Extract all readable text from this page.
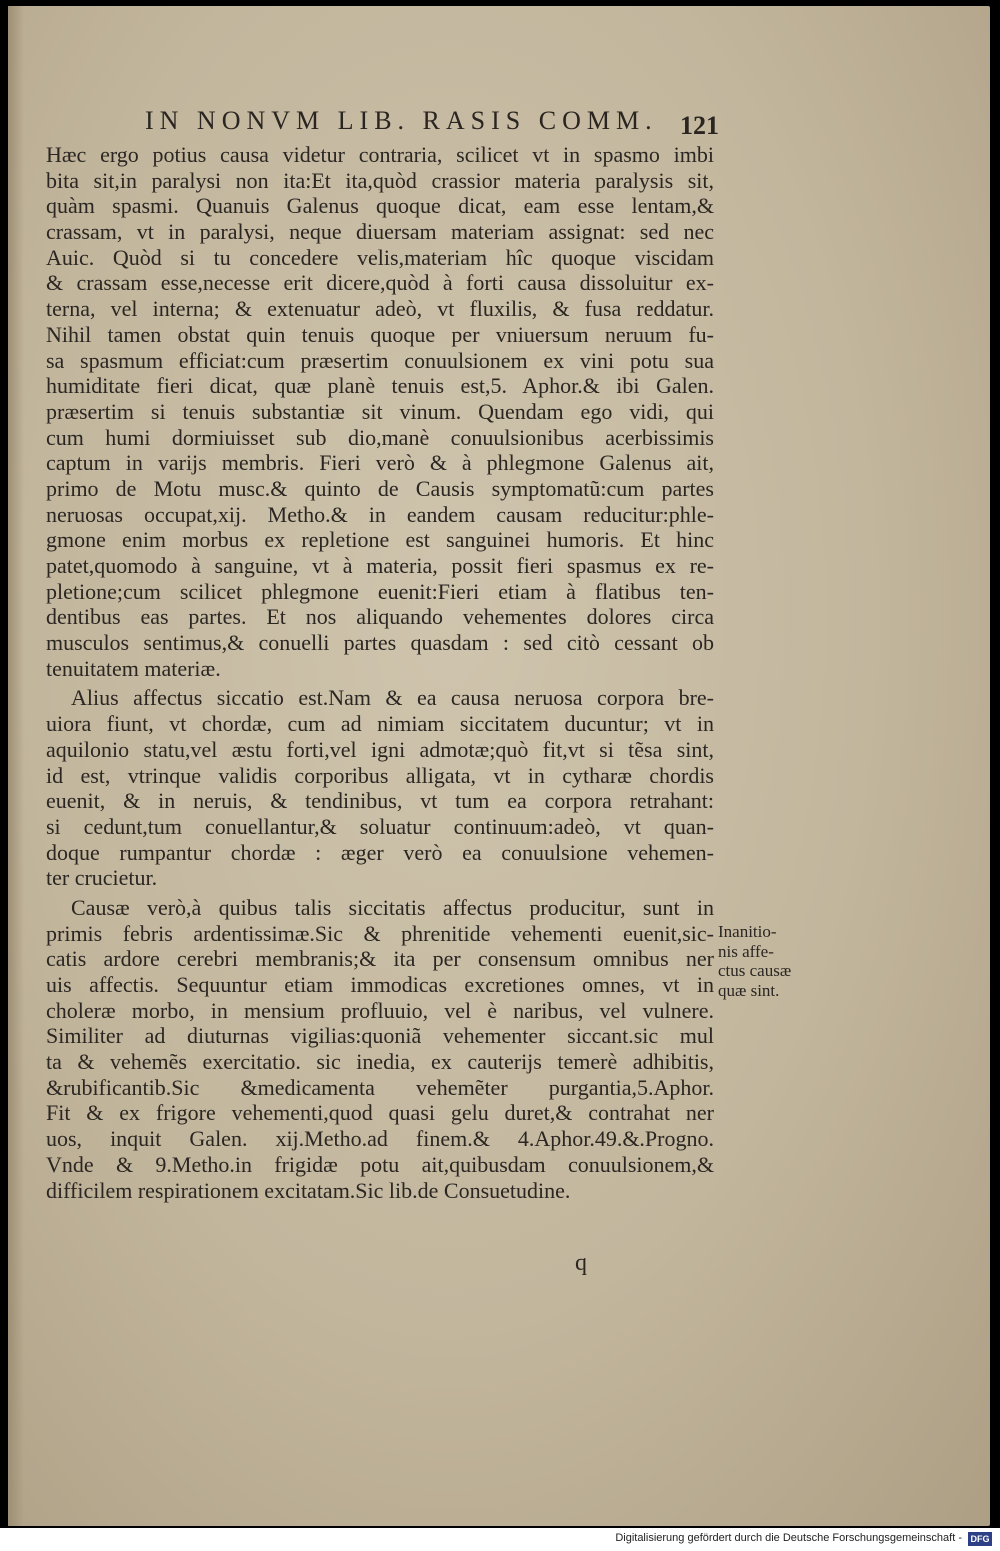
IN NONVM LIB. RASIS COMM. 121
Hæc ergo potius causa videtur contraria, scilicet vt in spasmo imbi
bita sit,in paralysi non ita:Et ita,quòd crassior materia paralysis sit,
quàm spasmi. Quanuis Galenus quoque dicat, eam esse lentam,&
crassam, vt in paralysi, neque diuersam materiam assignat: sed nec
Auic. Quòd si tu concedere velis,materiam hîc quoque viscidam
& crassam esse,necesse erit dicere,quòd à forti causa dissoluitur ex-
terna, vel interna; & extenuatur adeò, vt fluxilis, & fusa reddatur.
Nihil tamen obstat quin tenuis quoque per vniuersum neruum fu-
sa spasmum efficiat:cum præsertim conuulsionem ex vini potu sua
humiditate fieri dicat, quæ planè tenuis est,5. Aphor.& ibi Galen.
præsertim si tenuis substantiæ sit vinum. Quendam ego vidi, qui
cum humi dormiuisset sub dio,manè conuulsionibus acerbissimis
captum in varijs membris. Fieri verò & à phlegmone Galenus ait,
primo de Motu musc.& quinto de Causis symptomatũ:cum partes
neruosas occupat,xij. Metho.& in eandem causam reducitur:phle-
gmone enim morbus ex repletione est sanguinei humoris. Et hinc
patet,quomodo à sanguine, vt à materia, possit fieri spasmus ex re-
pletione;cum scilicet phlegmone euenit:Fieri etiam à flatibus ten-
dentibus eas partes. Et nos aliquando vehementes dolores circa
musculos sentimus,& conuelli partes quasdam : sed citò cessant ob
tenuitatem materiæ.
Alius affectus siccatio est.Nam & ea causa neruosa corpora bre-
uiora fiunt, vt chordæ, cum ad nimiam siccitatem ducuntur; vt in
aquilonio statu,vel æstu forti,vel igni admotæ;quò fit,vt si tẽsa sint,
id est, vtrinque validis corporibus alligata, vt in cytharæ chordis
euenit, & in neruis, & tendinibus, vt tum ea corpora retrahant:
si cedunt,tum conuellantur,& soluatur continuum:adeò, vt quan-
doque rumpantur chordæ : æger verò ea conuulsione vehemen-
ter crucietur.
Causæ verò,à quibus talis siccitatis affectus producitur, sunt in
primis febris ardentissimæ.Sic & phrenitide vehementi euenit,sic-
catis ardore cerebri membranis;& ita per consensum omnibus ner
uis affectis. Sequuntur etiam immodicas excretiones omnes, vt in
choleræ morbo, in mensium profluuio, vel è naribus, vel vulnere.
Similiter ad diuturnas vigilias:quoniã vehementer siccant.sic mul
ta & vehemẽs exercitatio. sic inedia, ex cauterijs temerè adhibitis,
&rubificantib.Sic &medicamenta vehemẽter purgantia,5.Aphor.
Fit & ex frigore vehementi,quod quasi gelu duret,& contrahat ner
uos, inquit Galen. xij.Metho.ad finem.& 4.Aphor.49.&.Progno.
Vnde & 9.Metho.in frigidæ potu ait,quibusdam conuulsionem,&
difficilem respirationem excitatam.Sic lib.de Consuetudine.
Inanitio-
nis affe-
ctus causæ
quæ sint.
q
Digitalisierung gefördert durch die Deutsche Forschungsgemeinschaft - DFG
